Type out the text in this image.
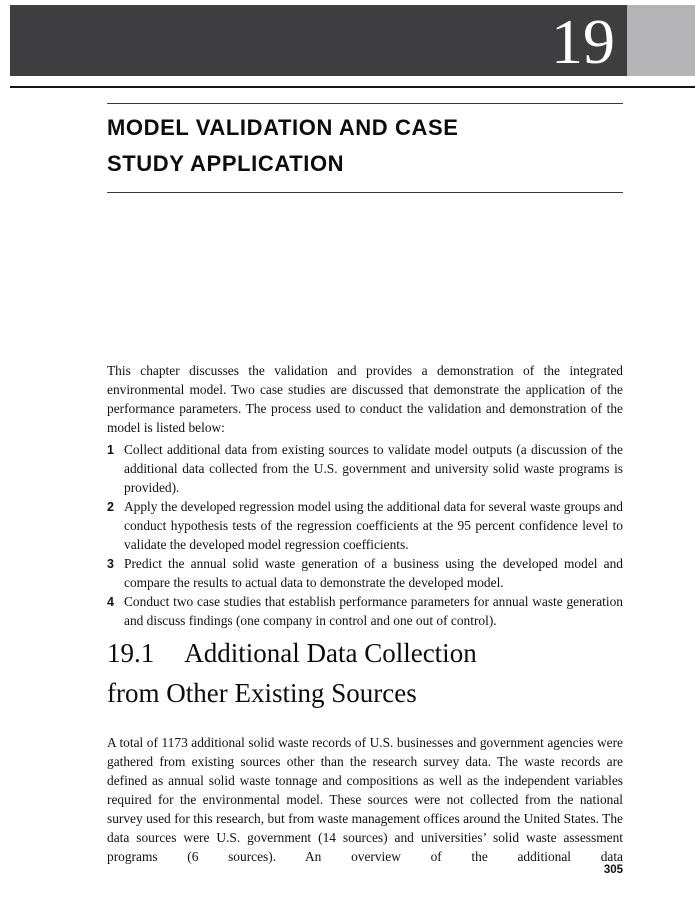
19
MODEL VALIDATION AND CASE
STUDY APPLICATION

This chapter discusses the validation and provides a demonstration of the integrated environmental model. Two case studies are discussed that demonstrate the application of the performance parameters. The process used to conduct the validation and demonstration of the model is listed below:

1 Collect additional data from existing sources to validate model outputs (a discussion of the additional data collected from the U.S. government and university solid waste programs is provided).
2 Apply the developed regression model using the additional data for several waste groups and conduct hypothesis tests of the regression coefficients at the 95 percent confidence level to validate the developed model regression coefficients.
3 Predict the annual solid waste generation of a business using the developed model and compare the results to actual data to demonstrate the developed model.
4 Conduct two case studies that establish performance parameters for annual waste generation and discuss findings (one company in control and one out of control).
19.1 Additional Data Collection
from Other Existing Sources

A total of 1173 additional solid waste records of U.S. businesses and government agencies were gathered from existing sources other than the research survey data. The waste records are defined as annual solid waste tonnage and compositions as well as the independent variables required for the environmental model. These sources were not collected from the national survey used for this research, but from waste management offices around the United States. The data sources were U.S. government (14 sources) and universities’ solid waste assessment programs (6 sources). An overview of the additional data

305
